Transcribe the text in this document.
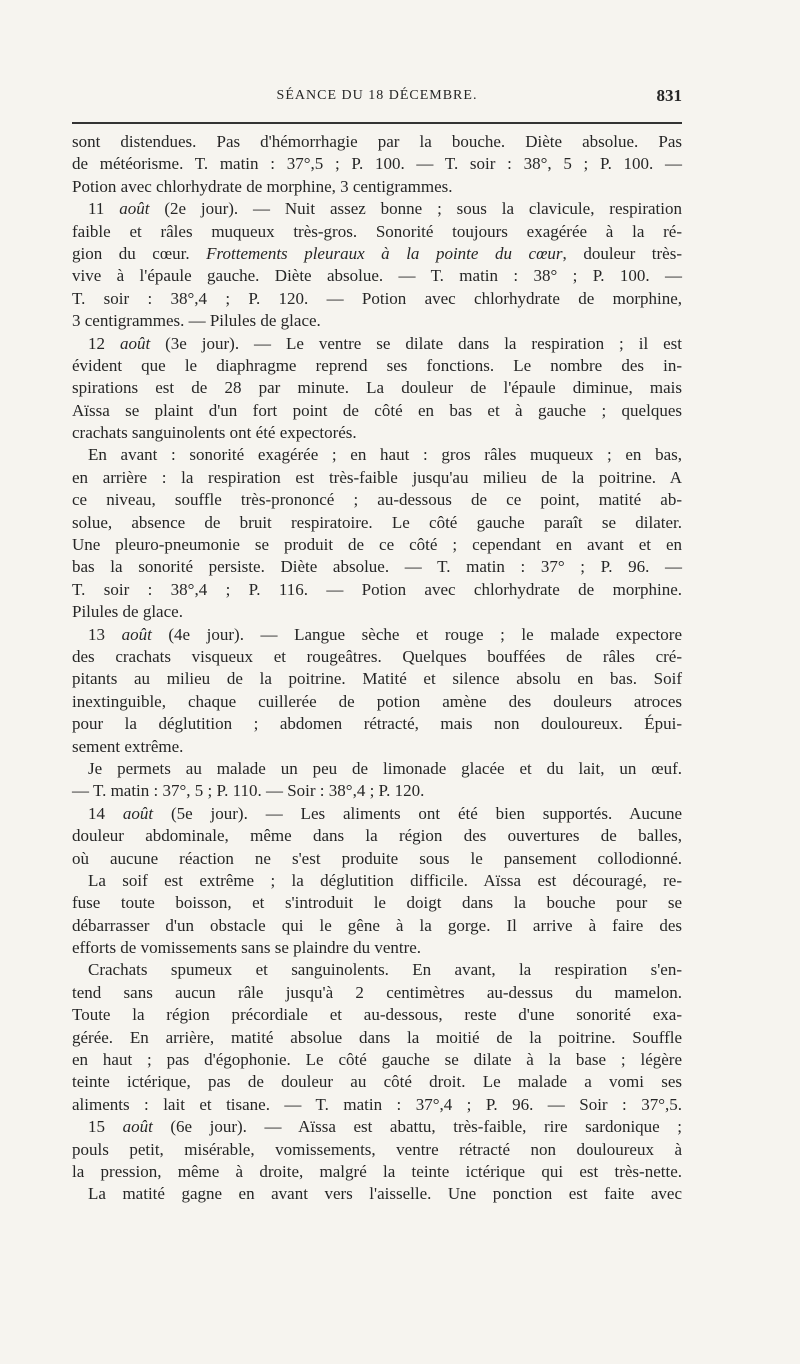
SÉANCE DU 18 DÉCEMBRE.	831
sont distendues. Pas d'hémorrhagie par la bouche. Diète absolue. Pas
de météorisme. T. matin : 37°,5 ; P. 100. — T. soir : 38°, 5 ; P. 100. —
Potion avec chlorhydrate de morphine, 3 centigrammes.
11 août (2e jour). — Nuit assez bonne ; sous la clavicule, respiration
faible et râles muqueux très-gros. Sonorité toujours exagérée à la ré-
gion du cœur. Frottements pleuraux à la pointe du cœur, douleur très-
vive à l'épaule gauche. Diète absolue. — T. matin : 38° ; P. 100. —
T. soir : 38°,4 ; P. 120. — Potion avec chlorhydrate de morphine,
3 centigrammes. — Pilules de glace.
12 août (3e jour). — Le ventre se dilate dans la respiration ; il est
évident que le diaphragme reprend ses fonctions. Le nombre des in-
spirations est de 28 par minute. La douleur de l'épaule diminue, mais
Aïssa se plaint d'un fort point de côté en bas et à gauche ; quelques
crachats sanguinolents ont été expectorés.
En avant : sonorité exagérée ; en haut : gros râles muqueux ; en bas,
en arrière : la respiration est très-faible jusqu'au milieu de la poitrine. A
ce niveau, souffle très-prononcé ; au-dessous de ce point, matité ab-
solue, absence de bruit respiratoire. Le côté gauche paraît se dilater.
Une pleuro-pneumonie se produit de ce côté ; cependant en avant et en
bas la sonorité persiste. Diète absolue. — T. matin : 37° ; P. 96. —
T. soir : 38°,4 ; P. 116. — Potion avec chlorhydrate de morphine.
Pilules de glace.
13 août (4e jour). — Langue sèche et rouge ; le malade expectore
des crachats visqueux et rougeâtres. Quelques bouffées de râles cré-
pitants au milieu de la poitrine. Matité et silence absolu en bas. Soif
inextinguible, chaque cuillerée de potion amène des douleurs atroces
pour la déglutition ; abdomen rétracté, mais non douloureux. Épui-
sement extrême.
Je permets au malade un peu de limonade glacée et du lait, un œuf.
— T. matin : 37°, 5 ; P. 110. — Soir : 38°,4 ; P. 120.
14 août (5e jour). — Les aliments ont été bien supportés. Aucune
douleur abdominale, même dans la région des ouvertures de balles,
où aucune réaction ne s'est produite sous le pansement collodionné.
La soif est extrême ; la déglutition difficile. Aïssa est découragé, re-
fuse toute boisson, et s'introduit le doigt dans la bouche pour se
débarrasser d'un obstacle qui le gêne à la gorge. Il arrive à faire des
efforts de vomissements sans se plaindre du ventre.
Crachats spumeux et sanguinolents. En avant, la respiration s'en-
tend sans aucun râle jusqu'à 2 centimètres au-dessus du mamelon.
Toute la région précordiale et au-dessous, reste d'une sonorité exa-
gérée. En arrière, matité absolue dans la moitié de la poitrine. Souffle
en haut ; pas d'égophonie. Le côté gauche se dilate à la base ; légère
teinte ictérique, pas de douleur au côté droit. Le malade a vomi ses
aliments : lait et tisane. — T. matin : 37°,4 ; P. 96. — Soir : 37°,5.
15 août (6e jour). — Aïssa est abattu, très-faible, rire sardonique ;
pouls petit, misérable, vomissements, ventre rétracté non douloureux à
la pression, même à droite, malgré la teinte ictérique qui est très-nette.
La matité gagne en avant vers l'aisselle. Une ponction est faite avec
